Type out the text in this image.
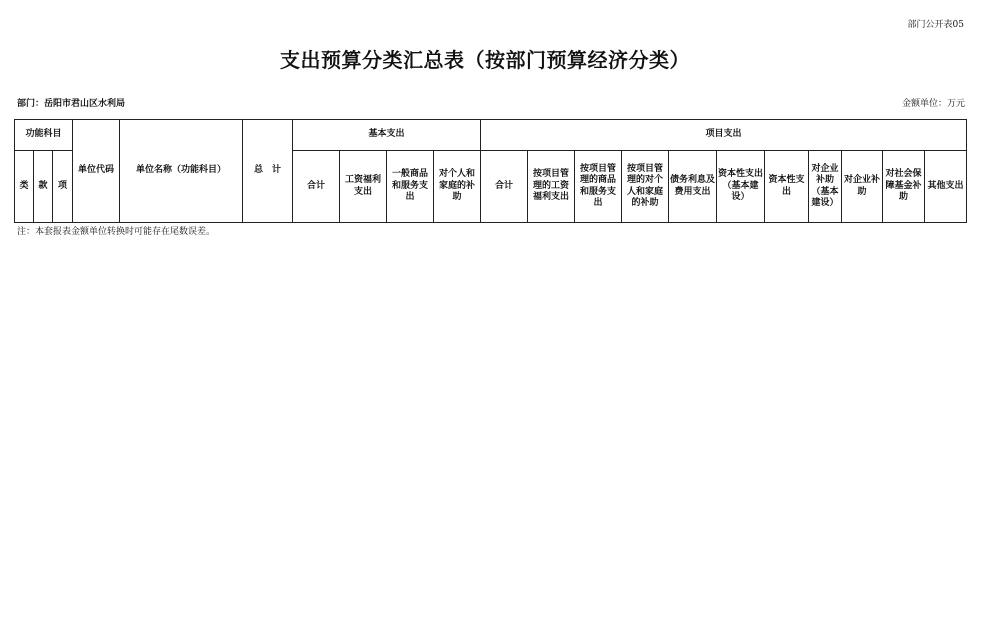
部门公开表05
支出预算分类汇总表（按部门预算经济分类）
部门：岳阳市君山区水利局	金额单位：万元
功能科目			单位代码	单位名称（功能科目）	总　计	基本支出				项目支出										
类	款	项				合计	工资福利支出	一般商品和服务支出	对个人和家庭的补助	合计	按项目管理的工资福利支出	按项目管理的商品和服务支出	按项目管理的对个人和家庭的补助	债务利息及费用支出	资本性支出（基本建设）	资本性支出	对企业补助（基本建设）	对企业补助	对社会保障基金补助	其他支出
注：本套报表金额单位转换时可能存在尾数误差。
